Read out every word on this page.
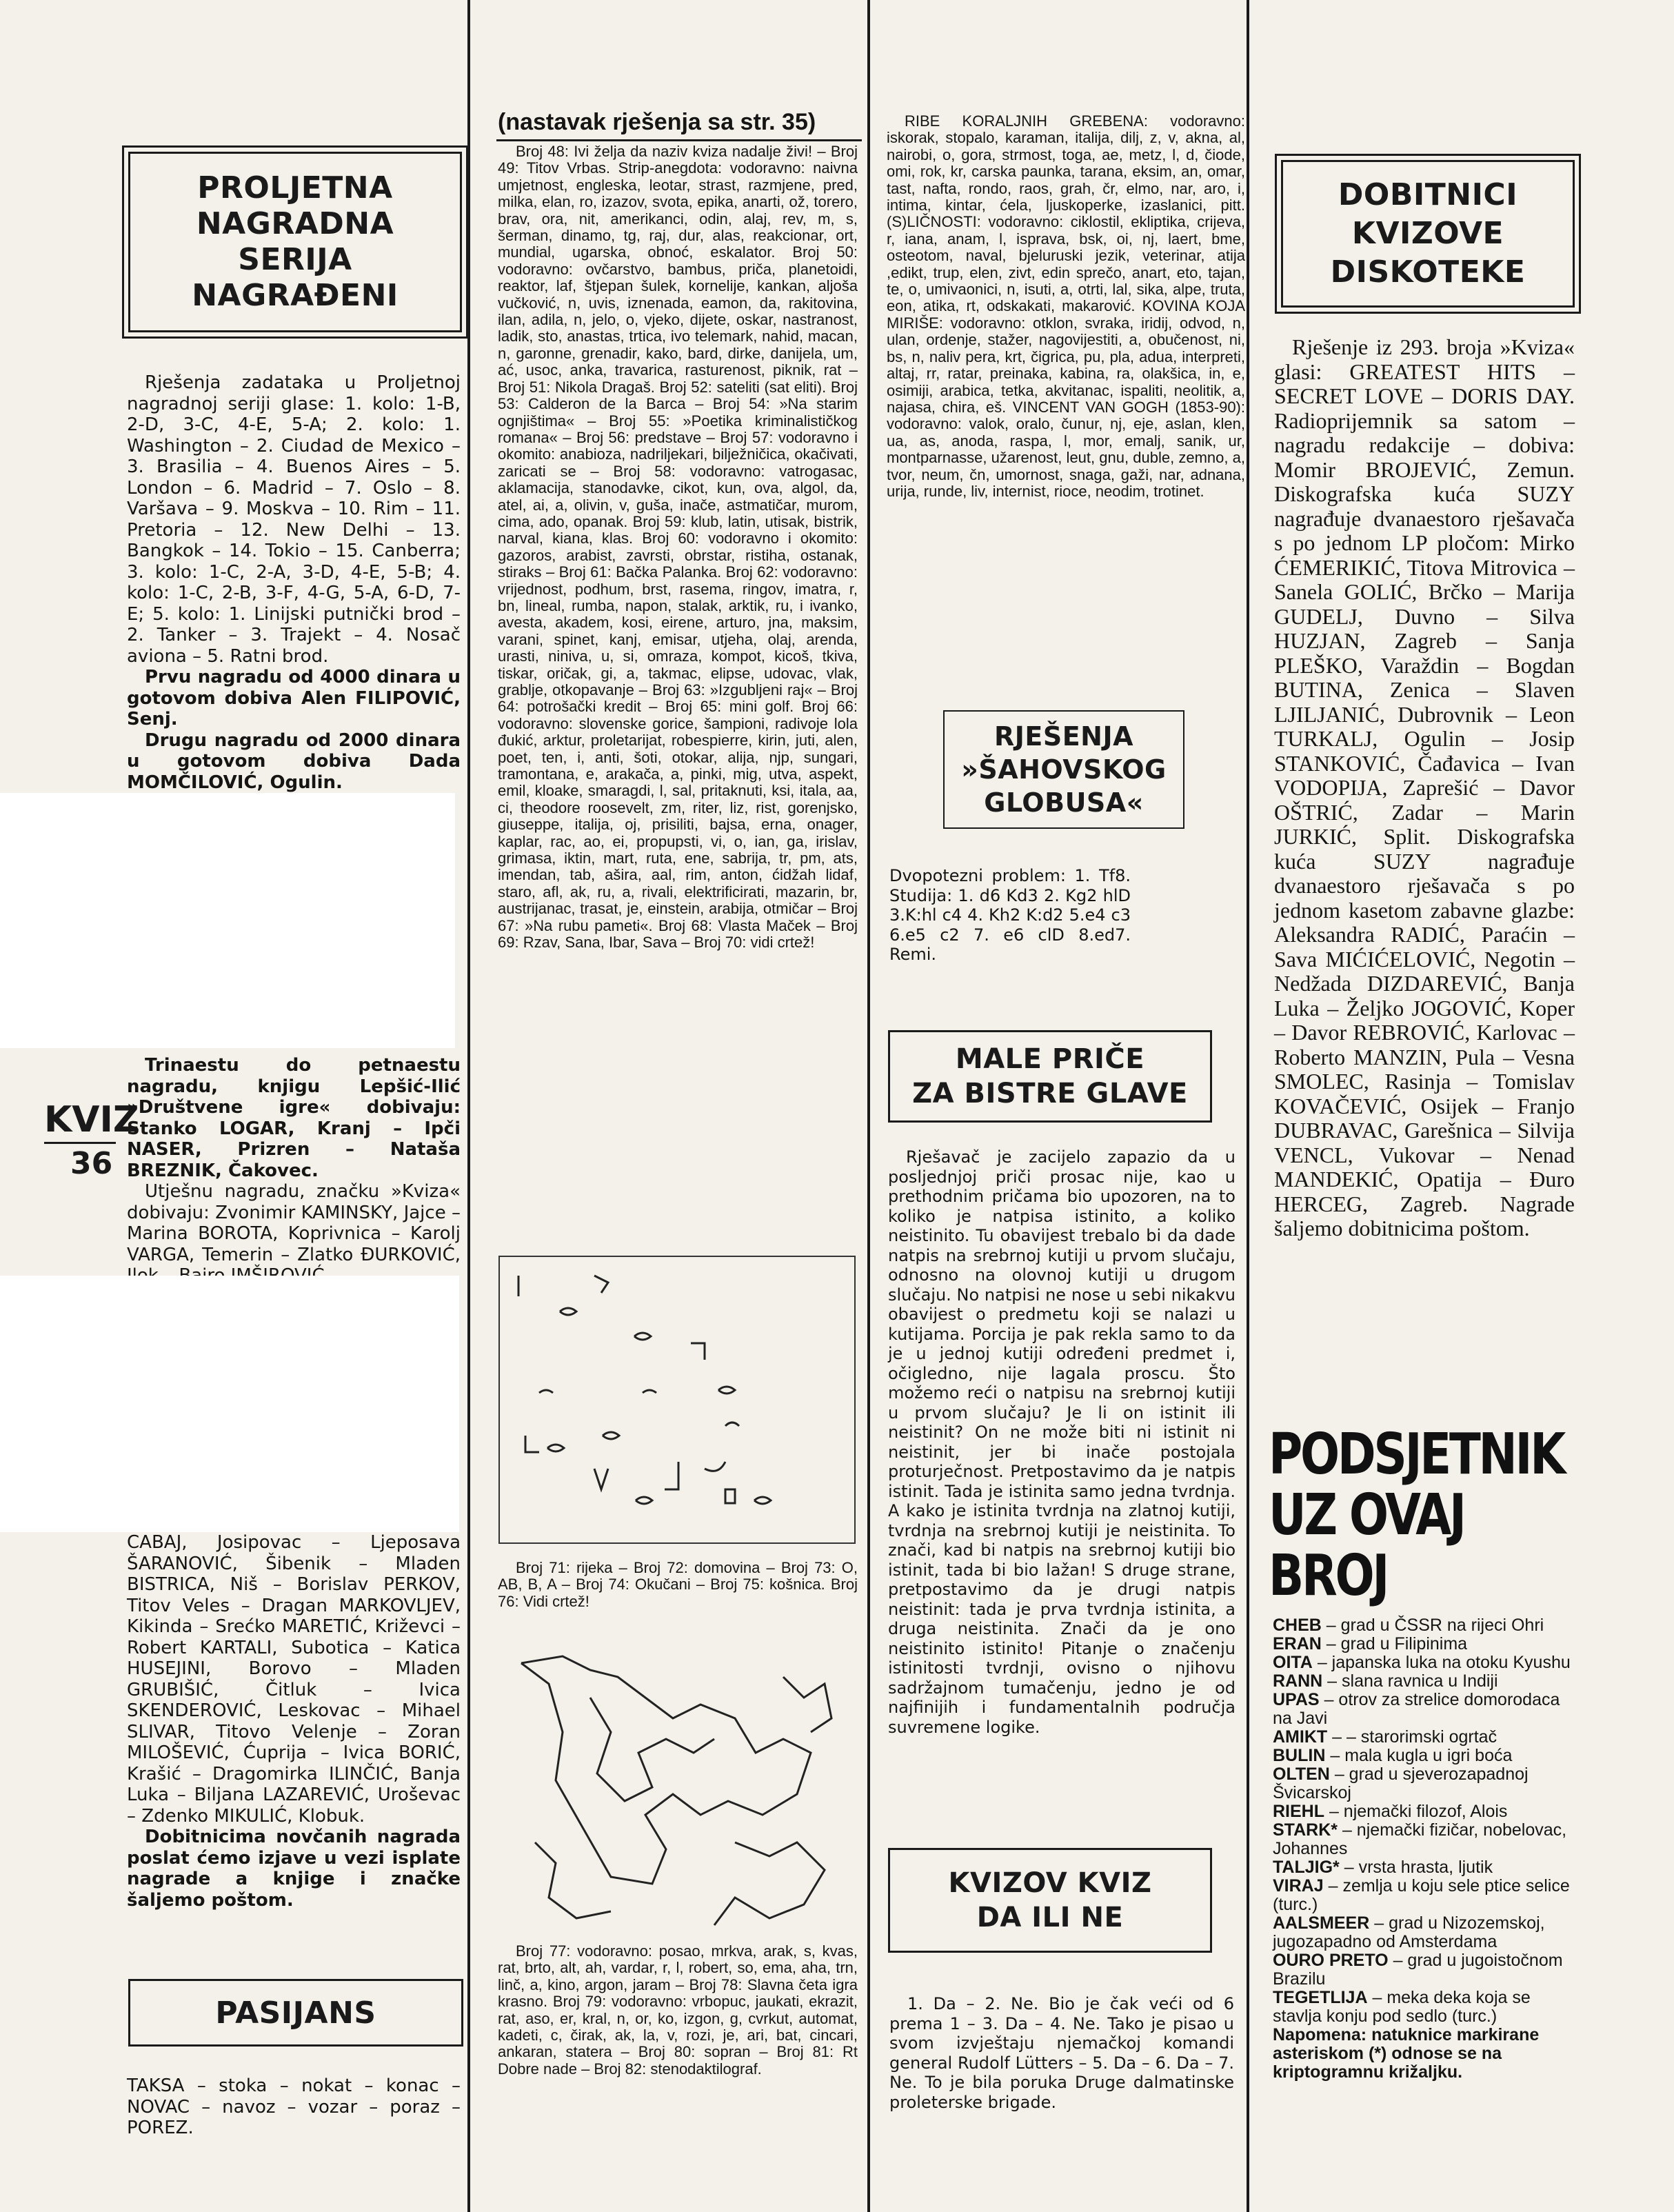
PROLJETNA
NAGRADNA
SERIJA
NAGRAĐENI

Rješenja zadataka u Proljetnoj nagradnoj seriji glase: 1. kolo: 1-B, 2-D, 3-C, 4-E, 5-A; 2. kolo: 1. Washington – 2. Ciudad de Mexico – 3. Brasilia – 4. Buenos Aires – 5. London – 6. Madrid – 7. Oslo – 8. Varšava – 9. Moskva – 10. Rim – 11. Pretoria – 12. New Delhi – 13. Bangkok – 14. Tokio – 15. Canberra; 3. kolo: 1-C, 2-A, 3-D, 4-E, 5-B; 4. kolo: 1-C, 2-B, 3-F, 4-G, 5-A, 6-D, 7-E; 5. kolo: 1. Linijski putnički brod – 2. Tanker – 3. Trajekt – 4. Nosač aviona – 5. Ratni brod.

Prvu nagradu od 4000 dinara u gotovom dobiva Alen FILIPOVIĆ, Senj.

Drugu nagradu od 2000 dinara u gotovom dobiva Dada MOMČILOVIĆ, Ogulin.

KVIZ
36

Trinaestu do petnaestu nagradu, knjigu Lepšić-Ilić »Društvene igre« dobivaju: Stanko LOGAR, Kranj – Ipči NASER, Prizren – Nataša BREZNIK, Čakovec.

Utješnu nagradu, značku »Kviza« dobivaju: Zvonimir KAMINSKY, Jajce – Marina BOROTA, Koprivnica – Karolj VARGA, Temerin – Zlatko ĐURKOVIĆ,

CABAJ, Josipovac – Ljeposava ŠARANOVIĆ, Šibenik – Mladen BISTRICA, Niš – Borislav PERKOV, Titov Veles – Dragan MARKOVLJEV, Kikinda – Srećko MARETIĆ, Križevci – Robert KARTALI, Subotica – Katica HUSEJINI, Borovo – Mladen GRUBIŠIĆ, Čitluk – Ivica SKENDEROVIĆ, Leskovac – Mihael SLIVAR, Titovo Velenje – Zoran MILOŠEVIĆ, Ćuprija – Ivica BORIĆ, Krašić – Dragomirka ILINČIĆ, Banja Luka – Biljana LAZAREVIĆ, Uroševac – Zdenko MIKULIĆ, Klobuk.

Dobitnicima novčanih nagrada poslat ćemo izjave u vezi isplate nagrade a knjige i značke šaljemo poštom.

PASIJANS

TAKSA – stoka – nokat – konac – NOVAC – navoz – vozar – poraz – POREZ.

(nastavak rješenja sa str. 35)

Broj 48: Ivi želja da naziv kviza nadalje živi! – Broj 49: Titov Vrbas. Strip-anegdota: vodoravno: naivna umjetnost, engleska, leotar, strast, razmjene, pred, milka, elan, ro, izazov, svota, epika, anarti, ož, torero, brav, ora, nit, amerikanci, odin, alaj, rev, m, s, šerman, dinamo, tg, raj, dur, alas, reakcionar, ort, mundial, ugarska, obnoć, eskalator. Broj 50: vodoravno: ovčarstvo, bambus, priča, planetoidi, reaktor, laf, štjepan šulek, kornelije, kankan, aljoša vučković, n, uvis, iznenada, eamon, da, rakitovina, ilan, adila, n, jelo, o, vjeko, dijete, oskar, nastranost, ladik, sto, anastas, trtica, ivo telemark, nahid, macan, n, garonne, grenadir, kako, bard, dirke, danijela, um, ać, usoc, anka, travarica, rasturenost, piknik, rat – Broj 51: Nikola Dragaš. Broj 52: sateliti (sat eliti). Broj 53: Calderon de la Barca – Broj 54: »Na starim ognjištima« – Broj 55: »Poetika kriminalističkog romana« – Broj 56: predstave – Broj 57: vodoravno i okomito: anabioza, nadriljekari, bilježničica, okačivati, zaricati se – Broj 58: vodoravno: vatrogasac, aklamacija, stanodavke, cikot, kun, ova, algol, da, atel, ai, a, olivin, v, guša, inače, astmatičar, murom, cima, ado, opanak. Broj 59: klub, latin, utisak, bistrik, narval, kiana, klas. Broj 60: vodoravno i okomito: gazoros, arabist, zavrsti, obrstar, ristiha, ostanak, stiraks – Broj 61: Bačka Palanka. Broj 62: vodoravno: vrijednost, podhum, brst, rasema, ringov, imatra, r, bn, lineal, rumba, napon, stalak, arktik, ru, i ivanko, avesta, akadem, kosi, eirene, arturo, jna, maksim, varani, spinet, kanj, emisar, utjeha, olaj, arenda, urasti, niniva, u, si, omraza, kompot, kicoš, tkiva, tiskar, oričak, gi, a, takmac, elipse, udovac, vlak, grablje, otkopavanje – Broj 63: »Izgubljeni raj« – Broj 64: potrošački kredit – Broj 65: mini golf. Broj 66: vodoravno: slovenske gorice, šampioni, radivoje lola đukić, arktur, proletarijat, robespierre, kirin, juti, alen, poet, ten, i, anti, šoti, otokar, alija, njp, sungari, tramontana, e, arakača, a, pinki, mig, utva, aspekt, emil, kloake, smaragdi, l, sal, pritaknuti, ksi, itala, aa, ci, theodore roosevelt, zm, riter, liz, rist, gorenjsko, giuseppe, italija, oj, prisiliti, bajsa, erna, onager, kaplar, rac, ao, ei, propupsti, vi, o, ian, ga, irislav, grimasa, iktin, mart, ruta, ene, sabrija, tr, pm, ats, imendan, tab, aširа, aal, rim, anton, ćidžah lidaf, staro, afl, ak, ru, a, rivali, elektrificirati, mazarin, br, austrijanac, trasat, je, einstein, arabija, otmičar – Broj 67: »Na rubu pameti«. Broj 68: Vlasta Maček – Broj 69: Rzav, Sana, Ibar, Sava – Broj 70: vidi crtež!

Broj 71: rijeka – Broj 72: domovina – Broj 73: O, AB, B, A – Broj 74: Okučani – Broj 75: košnica. Broj 76: Vidi crtež!

Broj 77: vodoravno: posao, mrkva, arak, s, kvas, rat, brto, alt, ah, vardar, r, l, robert, so, ema, aha, trn, linč, a, kino, argon, jaram – Broj 78: Slavna četa igra krasno. Broj 79: vodoravno: vrbopuc, jaukati, ekrazit, rat, aso, er, kral, n, or, ko, izgon, g, cvrkut, automat, kadeti, c, čirak, ak, la, v, rozi, je, ari, bat, cincari, ankaran, staterа – Broj 80: sopran – Broj 81: Rt Dobre nade – Broj 82: stenodaktilograf.

RIBE KORALJNIH GREBENA: vodoravno: iskorak, stopalo, karaman, italija, dilj, z, v, akna, al, nairobi, o, gora, strmost, toga, ae, metz, l, d, čiode, omi, rok, kr, carska paunka, tarana, eksim, an, omar, tast, nafta, rondo, raos, grah, čr, elmo, nar, aro, i, intima, kintar, ćela, ljuskoperke, izaslanici, pitt. (S)LIČNOSTI: vodoravno: ciklostil, ekliptika, crijeva, r, iana, anam, l, isprava, bsk, oi, nj, laert, bme, osteotom, naval, bjeluruski jezik, veterinar, atija ,edikt, trup, elen, zivt, edin sprečo, anart, eto, tajan, te, o, umivaonici, n, isuti, a, otrti, lal, sika, alpe, truta, eon, atika, rt, odskakati, makarović. KOVINA KOJA MIRIŠE: vodoravno: otklon, svraka, iridij, odvod, n, ulan, ordenje, stažer, nagovijestiti, a, obučenost, ni, bs, n, naliv pera, krt, čigrica, pu, pla, adua, interpreti, altaj, rr, ratar, preinaka, kabina, ra, olakšica, in, e, osimiji, arabica, tetka, akvitanac, ispaliti, neolitik, a, najasa, chira, eš. VINCENT VAN GOGH (1853-90): vodoravno: valok, oralo, čunur, nj, eje, aslan, klen, ua, as, anoda, raspa, l, mor, emalj, sanik, ur, montparnasse, užarenost, leut, gnu, duble, zemno, a, tvor, neum, čn, umornost, snaga, gaži, nar, adnana, urija, runde, liv, internist, rioce, neodim, trotinet.

RJEŠENJA
»ŠAHOVSKOG
GLOBUSA«

Dvopotezni problem: 1. Tf8. Studija: 1. d6 Kd3 2. Kg2 hlD 3.K:hl c4 4. Kh2 K:d2 5.e4 c3 6.e5 c2 7. e6 clD 8.ed7. Remi.

MALE PRIČE
ZA BISTRE GLAVE

Rješavač je zacijelo zapazio da u posljednjoj priči prosac nije, kao u prethodnim pričama bio upozoren, na to koliko je natpisa istinito, a koliko neistinito. Tu obavijest trebalo bi da dade natpis na srebrnoj kutiji u prvom slučaju, odnosno na olovnoj kutiji u drugom slučaju. No natpisi ne nose u sebi nikakvu obavijest o predmetu koji se nalazi u kutijama. Porcija je pak rekla samo to da je u jednoj kutiji određeni predmet i, očigledno, nije lagala proscu. Što možemo reći o natpisu na srebrnoj kutiji u prvom slučaju? Je li on istinit ili neistinit? On ne može biti ni istinit ni neistinit, jer bi inače postojala proturječnost. Pretpostavimo da je natpis istinit. Tada je istinita samo jedna tvrdnja. A kako je istinita tvrdnja na zlatnoj kutiji, tvrdnja na srebrnoj kutiji je neistinita. To znači, kad bi natpis na srebrnoj kutiji bio istinit, tada bi bio lažan! S druge strane, pretpostavimo da je drugi natpis neistinit: tada je prva tvrdnja istinita, a druga neistinita. Znači da je ono neistinito istinito! Pitanje o značenju istinitosti tvrdnji, ovisno o njihovu sadržajnom tumačenju, jedno je od najfinijih i fundamentalnih područja suvremene logike.

KVIZOV KVIZ
DA ILI NE

1. Da – 2. Ne. Bio je čak veći od 6 prema 1 – 3. Da – 4. Ne. Tako je pisao u svom izvještaju njemačkoj komandi general Rudolf Lütters – 5. Da – 6. Da – 7. Ne. To je bila poruka Druge dalmatinske proleterske brigade.

DOBITNICI
KVIZOVE
DISKOTEKE

Rješenje iz 293. broja »Kviza« glasi: GREATEST HITS – SECRET LOVE – DORIS DAY. Radioprijemnik sa satom – nagradu redakcije – dobiva: Momir BROJEVIĆ, Zemun. Diskografska kuća SUZY nagrađuje dvanaestoro rješavača s po jednom LP pločom: Mirko ĆEMERIKIĆ, Titova Mitrovica – Sanela GOLIĆ, Brčko – Marija GUDELJ, Duvno – Silva HUZJAN, Zagreb – Sanja PLEŠKO, Varaždin – Bogdan BUTINA, Zenica – Slaven LJILJANIĆ, Dubrovnik – Leon TURKALJ, Ogulin – Josip STANKOVIĆ, Čađavica – Ivan VODOPIJA, Zaprešić – Davor OŠTRIĆ, Zadar – Marin JURKIĆ, Split. Diskografska kuća SUZY nagrađuje dvanaestoro rješavača s po jednom kasetom zabavne glazbe: Aleksandra RADIĆ, Paraćin – Sava MIĆIĆELOVIĆ, Negotin – Nedžada DIZDAREVIĆ, Banja Luka – Željko JOGOVIĆ, Koper – Davor REBROVIĆ, Karlovac – Roberto MANZIN, Pula – Vesna SMOLEC, Rasinja – Tomislav KOVAČEVIĆ, Osijek – Franjo DUBRAVAC, Garešnica – Silvija VENCL, Vukovar – Nenad MANDEKIĆ, Opatija – Đuro HERCEG, Zagreb. Nagrade šaljemo dobitnicima poštom.

PODSJETNIK
UZ OVAJ BROJ
CHEB – grad u ČSSR na rijeci Ohri
ERAN – grad u Filipinima
OITA – japanska luka na otoku Kyushu
RANN – slana ravnica u Indiji
UPAS – otrov za strelice domorodaca na Javi
AMIKT – – starorimski ogrtač
BULIN – mala kugla u igri boća
OLTEN – grad u sjeverozapadnoj Švicarskoj
RIEHL – njemački filozof, Alois
STARK* – njemački fizičar, nobelovac, Johannes
TALJIG* – vrsta hrasta, ljutik
VIRAJ – zemlja u koju sele ptice selice (turc.)
AALSMEER – grad u Nizozemskoj, jugozapadno od Amsterdama
OURO PRETO – grad u jugoistočnom Brazilu
TEGETLIJA – meka deka koja se stavlja konju pod sedlo (turc.)
Napomena: natuknice markirane asteriskom (*) odnose se na kriptogramnu križaljku.
